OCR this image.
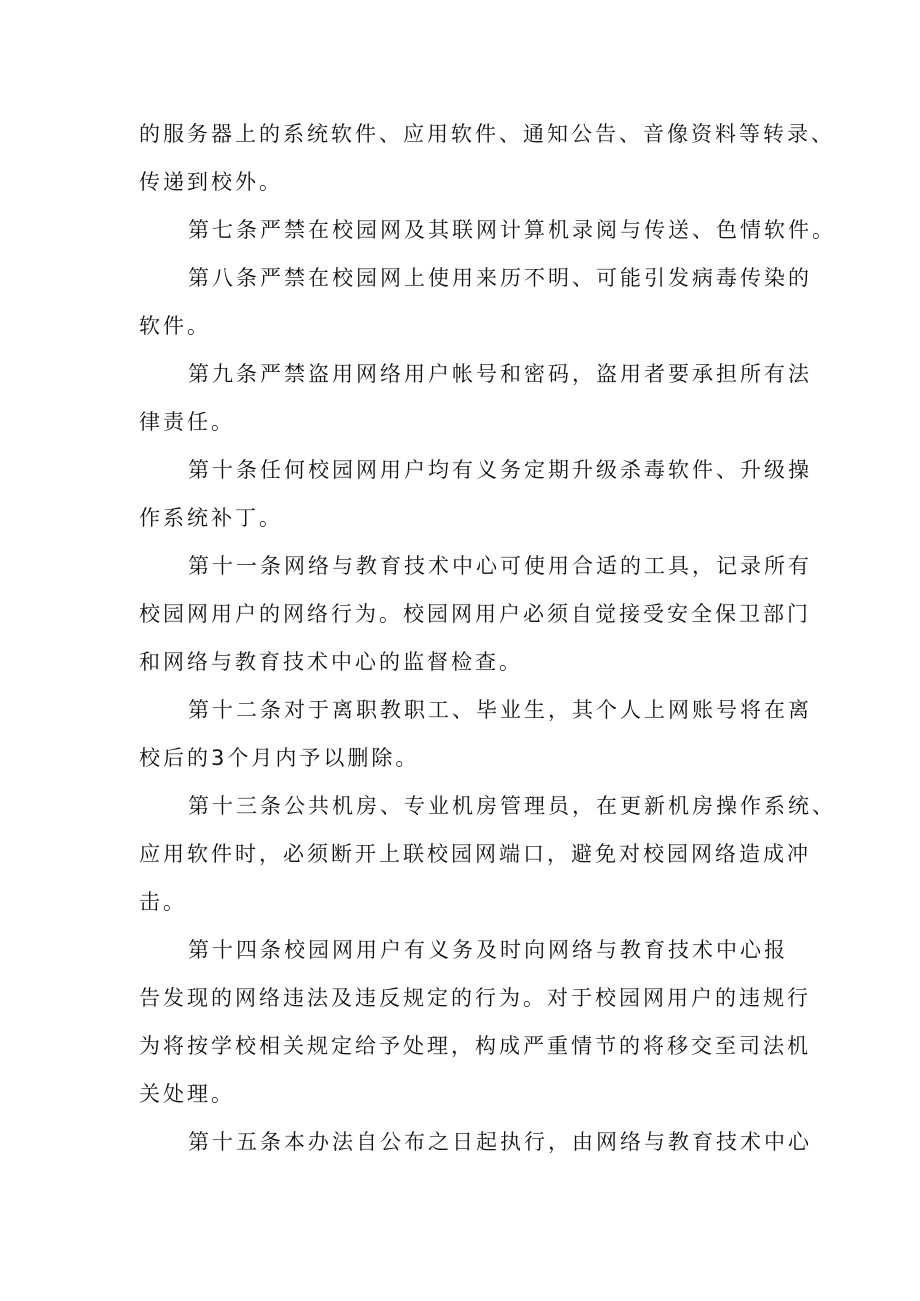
的服务器上的系统软件、应用软件、通知公告、音像资料等转录、
传递到校外。
第七条严禁在校园网及其联网计算机录阅与传送、色情软件。
第八条严禁在校园网上使用来历不明、可能引发病毒传染的
软件。
第九条严禁盗用网络用户帐号和密码，盗用者要承担所有法
律责任。
第十条任何校园网用户均有义务定期升级杀毒软件、升级操
作系统补丁。
第十一条网络与教育技术中心可使用合适的工具，记录所有
校园网用户的网络行为。校园网用户必须自觉接受安全保卫部门
和网络与教育技术中心的监督检查。
第十二条对于离职教职工、毕业生，其个人上网账号将在离
校后的3个月内予以删除。
第十三条公共机房、专业机房管理员，在更新机房操作系统、
应用软件时，必须断开上联校园网端口，避免对校园网络造成冲
击。
第十四条校园网用户有义务及时向网络与教育技术中心报
告发现的网络违法及违反规定的行为。对于校园网用户的违规行
为将按学校相关规定给予处理，构成严重情节的将移交至司法机
关处理。
第十五条本办法自公布之日起执行，由网络与教育技术中心
